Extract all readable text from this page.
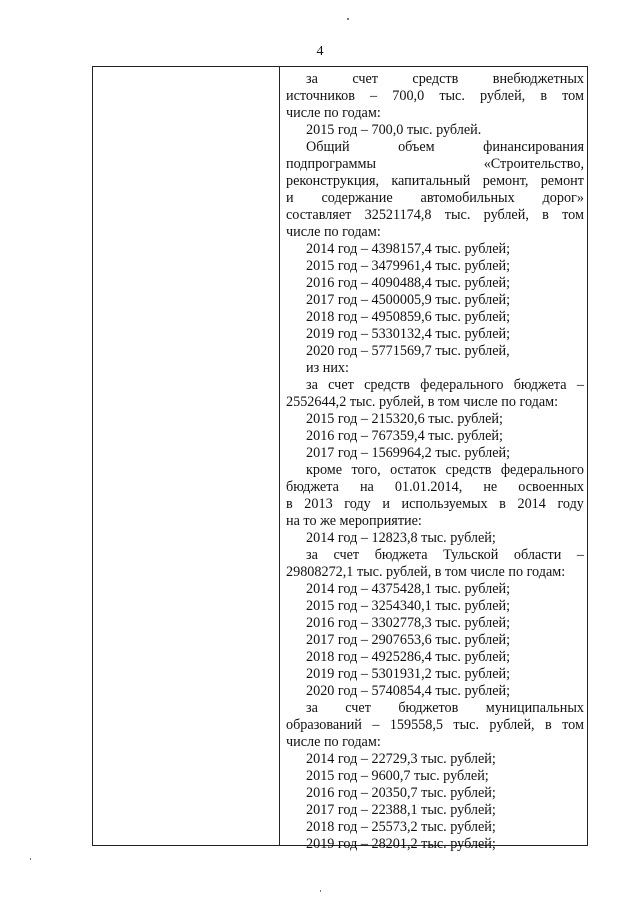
4
за счет средств внебюджетных
источников – 700,0 тыс. рублей, в том
числе по годам:
2015 год – 700,0 тыс. рублей.
Общий	объем	финансирования
подпрограммы	«Строительство,
реконструкция, капитальный ремонт, ремонт
и содержание автомобильных дорог»
составляет 32521174,8 тыс. рублей, в том
числе по годам:
2014 год – 4398157,4 тыс. рублей;
2015 год – 3479961,4 тыс. рублей;
2016 год – 4090488,4 тыс. рублей;
2017 год – 4500005,9 тыс. рублей;
2018 год – 4950859,6 тыс. рублей;
2019 год – 5330132,4 тыс. рублей;
2020 год – 5771569,7 тыс. рублей,
из них:
за счет средств федерального бюджета –
2552644,2 тыс. рублей, в том числе по годам:
2015 год – 215320,6 тыс. рублей;
2016 год – 767359,4 тыс. рублей;
2017 год – 1569964,2 тыс. рублей;
кроме того, остаток средств федерального
бюджета на 01.01.2014, не освоенных
в 2013 году и используемых в 2014 году
на то же мероприятие:
2014 год – 12823,8 тыс. рублей;
за счет бюджета Тульской области –
29808272,1 тыс. рублей, в том числе по годам:
2014 год – 4375428,1 тыс. рублей;
2015 год – 3254340,1 тыс. рублей;
2016 год – 3302778,3 тыс. рублей;
2017 год – 2907653,6 тыс. рублей;
2018 год – 4925286,4 тыс. рублей;
2019 год – 5301931,2 тыс. рублей;
2020 год – 5740854,4 тыс. рублей;
за счет бюджетов муниципальных
образований – 159558,5 тыс. рублей, в том
числе по годам:
2014 год – 22729,3 тыс. рублей;
2015 год – 9600,7 тыс. рублей;
2016 год – 20350,7 тыс. рублей;
2017 год – 22388,1 тыс. рублей;
2018 год – 25573,2 тыс. рублей;
2019 год – 28201,2 тыс. рублей;
